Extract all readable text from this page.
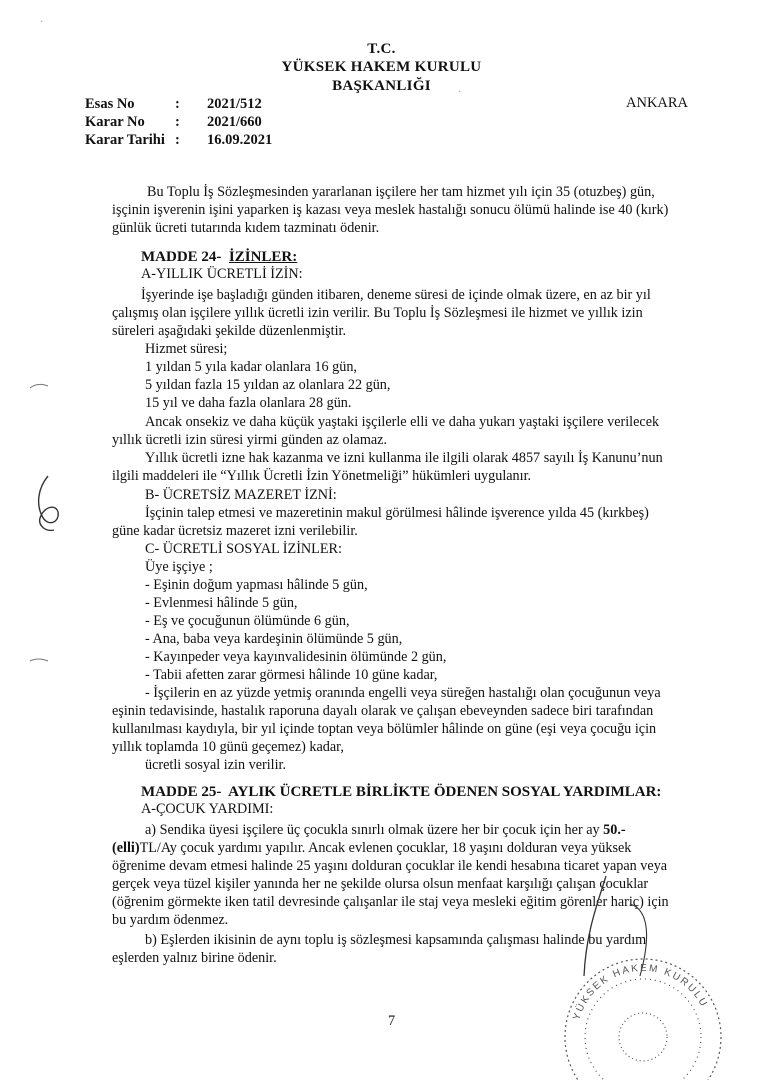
T.C.
YÜKSEK HAKEM KURULU
BAŞKANLIĞI
ANKARA
Esas No	: 2021/512
Karar No : 2021/660
Karar Tarihi : 16.09.2021
Bu Toplu İş Sözleşmesinden yararlanan işçilere her tam hizmet yılı için 35 (otuzbeş) gün,
işçinin işverenin işini yaparken iş kazası veya meslek hastalığı sonucu ölümü halinde ise 40 (kırk)
günlük ücreti tutarında kıdem tazminatı ödenir.
MADDE 24- İZİNLER:
A-YILLIK ÜCRETLİ İZİN:
İşyerinde işe başladığı günden itibaren, deneme süresi de içinde olmak üzere, en az bir yıl
çalışmış olan işçilere yıllık ücretli izin verilir. Bu Toplu İş Sözleşmesi ile hizmet ve yıllık izin
süreleri aşağıdaki şekilde düzenlenmiştir.
Hizmet süresi;
1 yıldan 5 yıla kadar olanlara 16 gün,
5 yıldan fazla 15 yıldan az olanlara 22 gün,
15 yıl ve daha fazla olanlara 28 gün.
Ancak onsekiz ve daha küçük yaştaki işçilerle elli ve daha yukarı yaştaki işçilere verilecek
yıllık ücretli izin süresi yirmi günden az olamaz.
Yıllık ücretli izne hak kazanma ve izni kullanma ile ilgili olarak 4857 sayılı İş Kanunu’nun
ilgili maddeleri ile “Yıllık Ücretli İzin Yönetmeliği” hükümleri uygulanır.
B- ÜCRETSİZ MAZERET İZNİ:
İşçinin talep etmesi ve mazeretinin makul görülmesi hâlinde işverence yılda 45 (kırkbeş)
güne kadar ücretsiz mazeret izni verilebilir.
C- ÜCRETLİ SOSYAL İZİNLER:
Üye işçiye ;
- Eşinin doğum yapması hâlinde 5 gün,
- Evlenmesi hâlinde 5 gün,
- Eş ve çocuğunun ölümünde 6 gün,
- Ana, baba veya kardeşinin ölümünde 5 gün,
- Kayınpeder veya kayınvalidesinin ölümünde 2 gün,
- Tabii afetten zarar görmesi hâlinde 10 güne kadar,
- İşçilerin en az yüzde yetmiş oranında engelli veya süreğen hastalığı olan çocuğunun veya
eşinin tedavisinde, hastalık raporuna dayalı olarak ve çalışan ebeveynden sadece biri tarafından
kullanılması kaydıyla, bir yıl içinde toptan veya bölümler hâlinde on güne (eşi veya çocuğu için
yıllık toplamda 10 günü geçemez) kadar,
ücretli sosyal izin verilir.
MADDE 25- AYLIK ÜCRETLE BİRLİKTE ÖDENEN SOSYAL YARDIMLAR:
A-ÇOCUK YARDIMI:
a) Sendika üyesi işçilere üç çocukla sınırlı olmak üzere her bir çocuk için her ay 50.-
(elli)TL/Ay çocuk yardımı yapılır. Ancak evlenen çocuklar, 18 yaşını dolduran veya yüksek
öğrenime devam etmesi halinde 25 yaşını dolduran çocuklar ile kendi hesabına ticaret yapan veya
gerçek veya tüzel kişiler yanında her ne şekilde olursa olsun menfaat karşılığı çalışan çocuklar
(öğrenim görmekte iken tatil devresinde çalışanlar ile staj veya mesleki eğitim görenler hariç) için
bu yardım ödenmez.
b) Eşlerden ikisinin de aynı toplu iş sözleşmesi kapsamında çalışması halinde bu yardım
eşlerden yalnız birine ödenir.
7	YÜKSEK HAKEM KURULU
·
·
